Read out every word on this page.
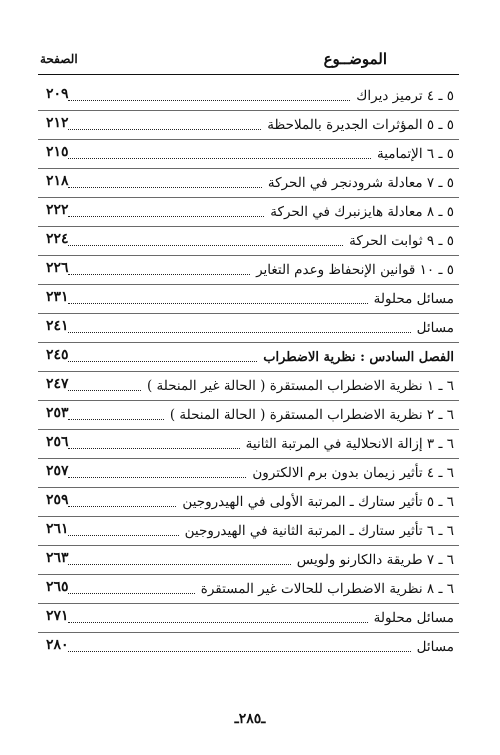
الموضــوع
الصفحة
٥ ـ ٤ ترميز ديراك
٢٠٩
٥ ـ ٥ المؤثرات الجديرة بالملاحظة
٢١٢
٥ ـ ٦ الإتمامية
٢١٥
٥ ـ ٧ معادلة شرودنجر في الحركة
٢١٨
٥ ـ ٨ معادلة هايزنبرك في الحركة
٢٢٢
٥ ـ ٩ ثوابت الحركة
٢٢٤
٥ ـ ١٠ قوانين الإنحفاظ وعدم التغاير
٢٢٦
مسائل محلولة
٢٣١
مسائل
٢٤١
الفصل السادس : نظرية الاضطراب
٢٤٥
٦ ـ ١ نظرية الاضطراب المستقرة ( الحالة غير المنحلة )
٢٤٧
٦ ـ ٢ نظرية الاضطراب المستقرة ( الحالة المنحلة )
٢٥٣
٦ ـ ٣ إزالة الانحلالية في المرتبة الثانية
٢٥٦
٦ ـ ٤ تأثير زيمان بدون برم الالكترون
٢٥٧
٦ ـ ٥ تأثير ستارك ـ المرتبة الأولى في الهيدروجين
٢٥٩
٦ ـ ٦ تأثير ستارك ـ المرتبة الثانية في الهيدروجين
٢٦١
٦ ـ ٧ طريقة دالكارنو ولويس
٢٦٣
٦ ـ ٨ نظرية الاضطراب للحالات غير المستقرة
٢٦٥
مسائل محلولة
٢٧١
مسائل
٢٨٠
ـ٢٨٥ـ
